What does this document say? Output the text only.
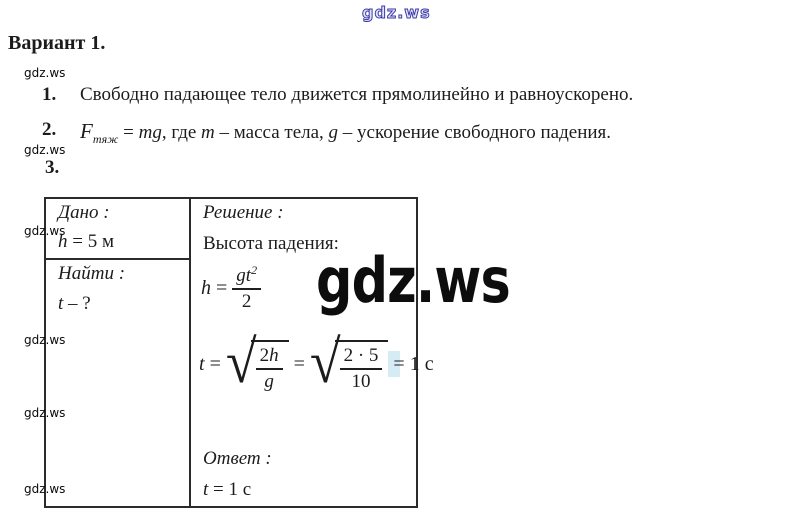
gdz.ws
Вариант 1.
gdz.ws
gdz.ws
gdz.ws
gdz.ws
gdz.ws
gdz.ws
1. Свободно падающее тело движется прямолинейно и равноускорено.
2. $F_{тяж}$ = mg, где m – масса тела, g – ускорение свободного падения.
3.
Дано :
h = 5 м
Найти :
t – ?
Решение :
Высота падения:
$h = \frac{gt^2}{2}$
t = √ $\frac{2h}{g}$ = √ $\frac{2 \cdot 5}{10} = 1$ с
Ответ :
t = 1 с
gdz.ws
